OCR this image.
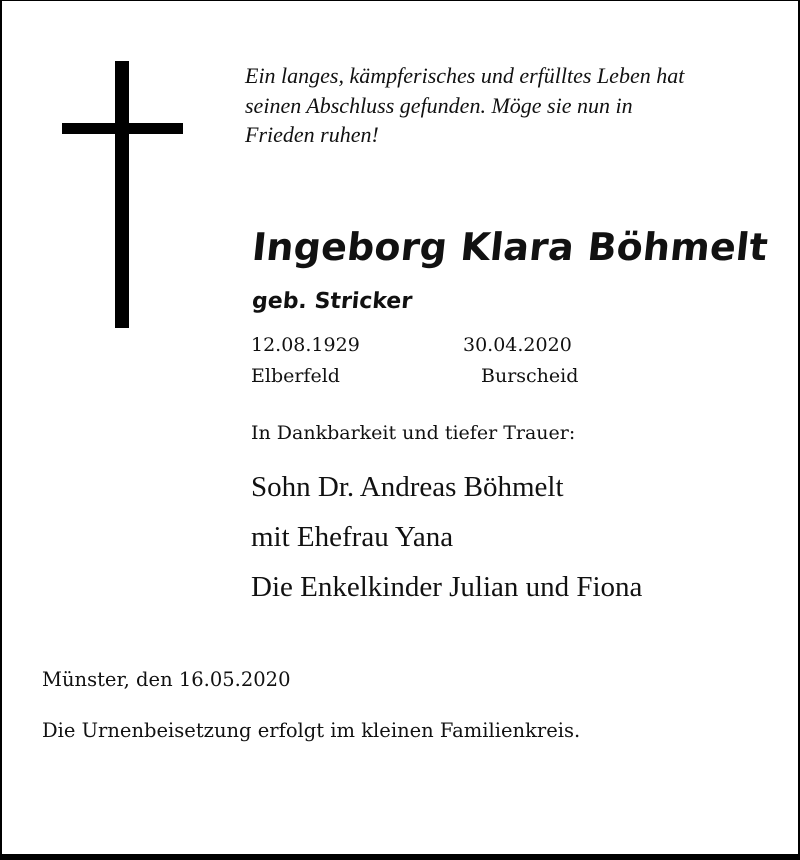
Ein langes, kämpferisches und erfülltes Leben hat
seinen Abschluss gefunden. Möge sie nun in
Frieden ruhen!

Ingeborg Klara Böhmelt
geb. Stricker
12.08.1929	30.04.2020
Elberfeld	Burscheid
In Dankbarkeit und tiefer Trauer:
Sohn Dr. Andreas Böhmelt
mit Ehefrau Yana
Die Enkelkinder Julian und Fiona
Münster, den 16.05.2020
Die Urnenbeisetzung erfolgt im kleinen Familienkreis.
